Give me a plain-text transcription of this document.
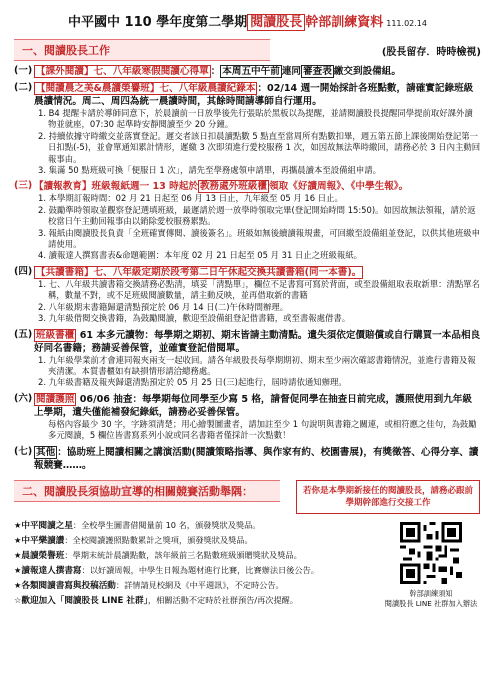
中平國中 110 學年度第二學期 閱讀股長 幹部訓練資料 111.02.14
一、閱讀股長工作	(股長留存．時時檢視)
(一) 【課外閱讀】七、八年級寒假閱讀心得單 ： 本周五中午前 連同 審查表 繳交到設備組。
(二) 【閱讀晨之美&晨讀榮譽班】七、八年級晨讀紀錄本 ：02/14 週一開始採計各班點數，請確實記錄班級晨讀情況。周二、周四為統一晨讀時間，其餘時間請導師自行運用。

1. B4 提醒卡請於導師同意下，於晨讀前一日放學後先行張貼於黑板以為提醒，並請閱讀股長提醒同學提前取好課外讀物並就座，07:30 起準時安靜閱讀至少 20 分鐘。

2. 持續依據守時繳交並落實登記。遲交者該日扣晨讀點數 5 點直至當周所有點數扣畢，週五第五節上課後開始登記第一日扣點(-5)，並會單通知累計情形，遲繳 3 次即須進行愛校服務 1 次，如因故無法準時繳回，請務必於 3 日內主動回報事由。

3. 集滿 50 點班級可換「便服日 1 次」，請先至學務處領申請單，再攜晨讀本至設備組申請。

(三) 【讀報教育】班級報紙週一 13 時起於 教務處外班級櫃 領取《好讀周報》、《中學生報》。

1. 本學期訂報時間：02 月 21 日起至 06 月 13 日止，九年級至 05 月 16 日止。

2. 鼓勵準時領取並觀察登記選填班級，最遲請於週一放學時領取完畢(登記開始時間 15:50)。如因故無法領報，請於返校當日午主動回報事由以銷除愛校服務累點。

3. 報紙由閱讀股長負責「全班確實傳閱、讀後簽名」。班級如無後續讀報規畫，可回繳至設備組並登記，以供其他班級申請使用。

4. 讀報達人撰寫書表&命題範圍：本年度 02 月 21 日起至 05 月 31 日止之班級報紙。

(四) 【共讀書箱】七、八年級定期於段考第二日午休起交換共讀書箱(同一本書)。

1. 七、八年級共讀書箱交換請務必點清，填妥「清點單」，欄位不足書寫可寫於背面，或至設備組取表取新單：清點單名稱，數量不對，或不足班級閱讀數量，請主動反映，並再借取新的書籍

2. 八年級期末書籍歸還清點預定於 06 月 14 日(二)午休時間辦理。

3. 九年級借閱交換書籍，為鼓勵閱讀，歡迎至設備組登記借書籍，或至書報處借書。

(五) 班級書櫃 61 本多元讀物：每學期之期初、期末皆請主動清點。遺失須依定價賠償或自行購買一本品相良好同名書籍；務請妥善保管，並確實登記借閱單。

1. 九年級學業前才會連同報夾兩支一起收回。請各年級股長每學期期初、期末至少兩次確認書籍情況，並進行書籍及報夾清潔。本質書櫃如有缺損情形請洽總務處。

2. 九年級書籍及報夾歸還清點預定於 05 月 25 日(三)起進行，屆時請依通知辦理。

(六) 閱讀護照 06/06 抽查：每學期每位同學至少寫 5 格，請督促同學在抽查日前完成，護照使用到九年級上學期，遺失僅能補發紀錄紙，請務必妥善保管。

每格內容最少 30 字，字跡須清楚；用心繪製圖畫者，請加註至少 1 句說明與書籍之關連，或相符應之佳句，為鼓勵多元閱讀，5 欄位皆書寫系列小說或同名書籍者僅採計一次點數！

(七) 其他 ：協助班上閱讀相關之講演活動(閱讀策略指導、與作家有約、校園書展)，有獎徵答、心得分享、讀報競賽……。
二、閱讀股長須協助宣導的相關競賽活動舉隅：	若你是本學期新接任的閱讀股長，請務必跟前學期幹部進行交接工作
★中平閱讀之星：全校學生圖書借閱量前 10 名，頒發獎狀及獎品。
★中平樂讀讚：全校閱讀護照點數累計之獎項，頒發獎狀及獎品。
★晨讀榮譽班：學期末統計晨讀點數，該年級前三名點數班級頒贈獎狀及獎品。
★讀報達人撰書寫：以好讀周報，中學生日報為題材進行比賽，比賽辦法日後公告。
★各類閱讀書寫與投稿活動：詳情請見校網及《中平週訊》，不定時公告。
☆歡迎加入「閱讀股長 LINE 社群」，相關活動不定時於社群預告/再次提醒。
幹部訓練須知
閱讀股長 LINE 社群加入辦法
